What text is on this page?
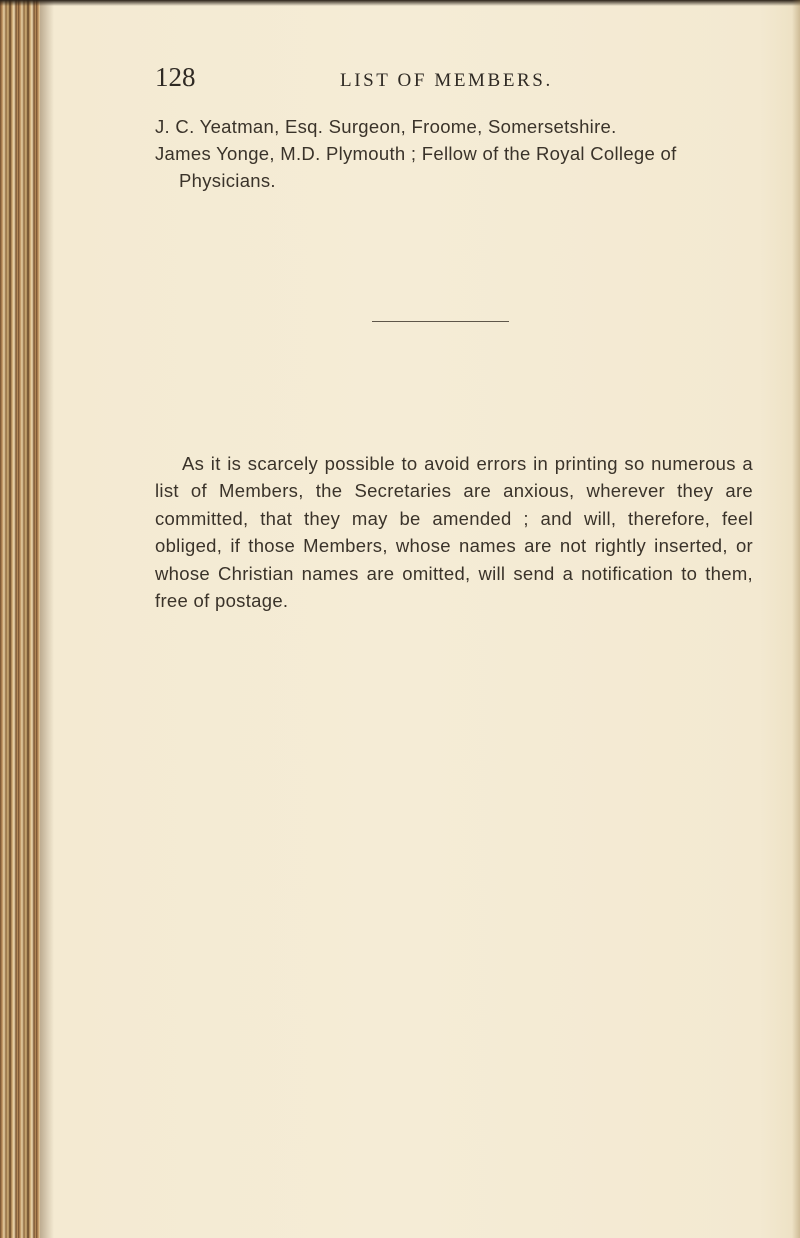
128	LIST OF MEMBERS.

J. C. Yeatman, Esq. Surgeon, Froome, Somersetshire.

James Yonge, M.D. Plymouth ; Fellow of the Royal College of
Physicians.

As it is scarcely possible to avoid errors in printing so numerous a list of Members, the Secretaries are anxious, wherever they are committed, that they may be amended ; and will, therefore, feel obliged, if those Members, whose names are not rightly inserted, or whose Christian names are omitted, will send a notification to them, free of postage.
